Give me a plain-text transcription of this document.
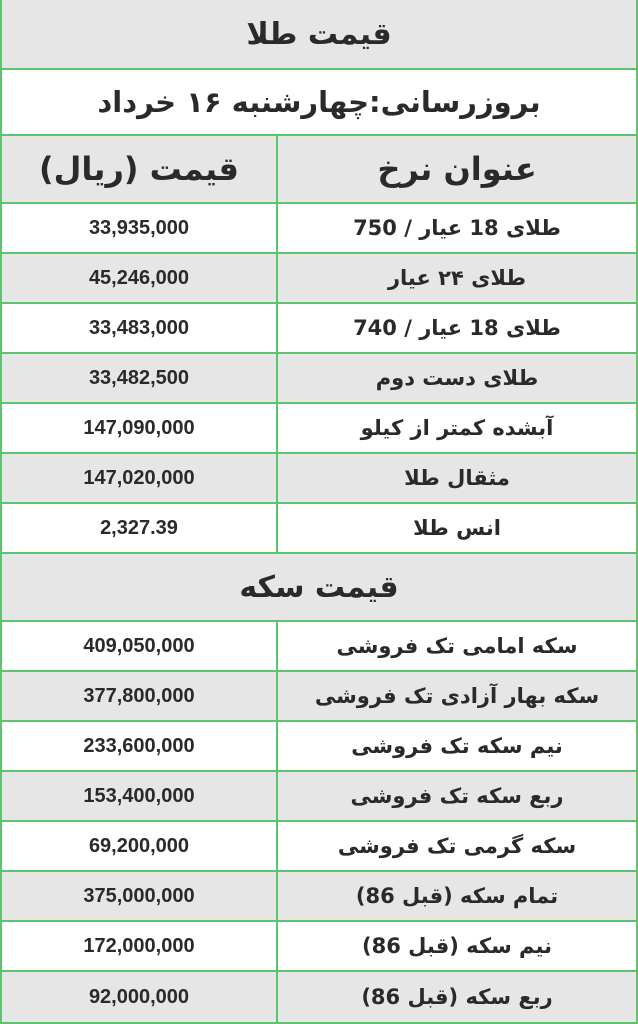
قیمت طلا
بروزرسانی:چهارشنبه ۱۶ خرداد
عنوان نرخ
قیمت (ریال)
طلای 18 عیار / 750
33,935,000
طلای ۲۴ عیار
45,246,000
طلای 18 عیار / 740
33,483,000
طلای دست دوم
33,482,500
آبشده کمتر از کیلو
147,090,000
مثقال طلا
147,020,000
انس طلا
2,327.39
قیمت سکه
سکه امامی تک فروشی
409,050,000
سکه بهار آزادی تک فروشی
377,800,000
نیم سکه تک فروشی
233,600,000
ربع سکه تک فروشی
153,400,000
سکه گرمی تک فروشی
69,200,000
تمام سکه (قبل 86)
375,000,000
نیم سکه (قبل 86)
172,000,000
ربع سکه (قبل 86)
92,000,000
